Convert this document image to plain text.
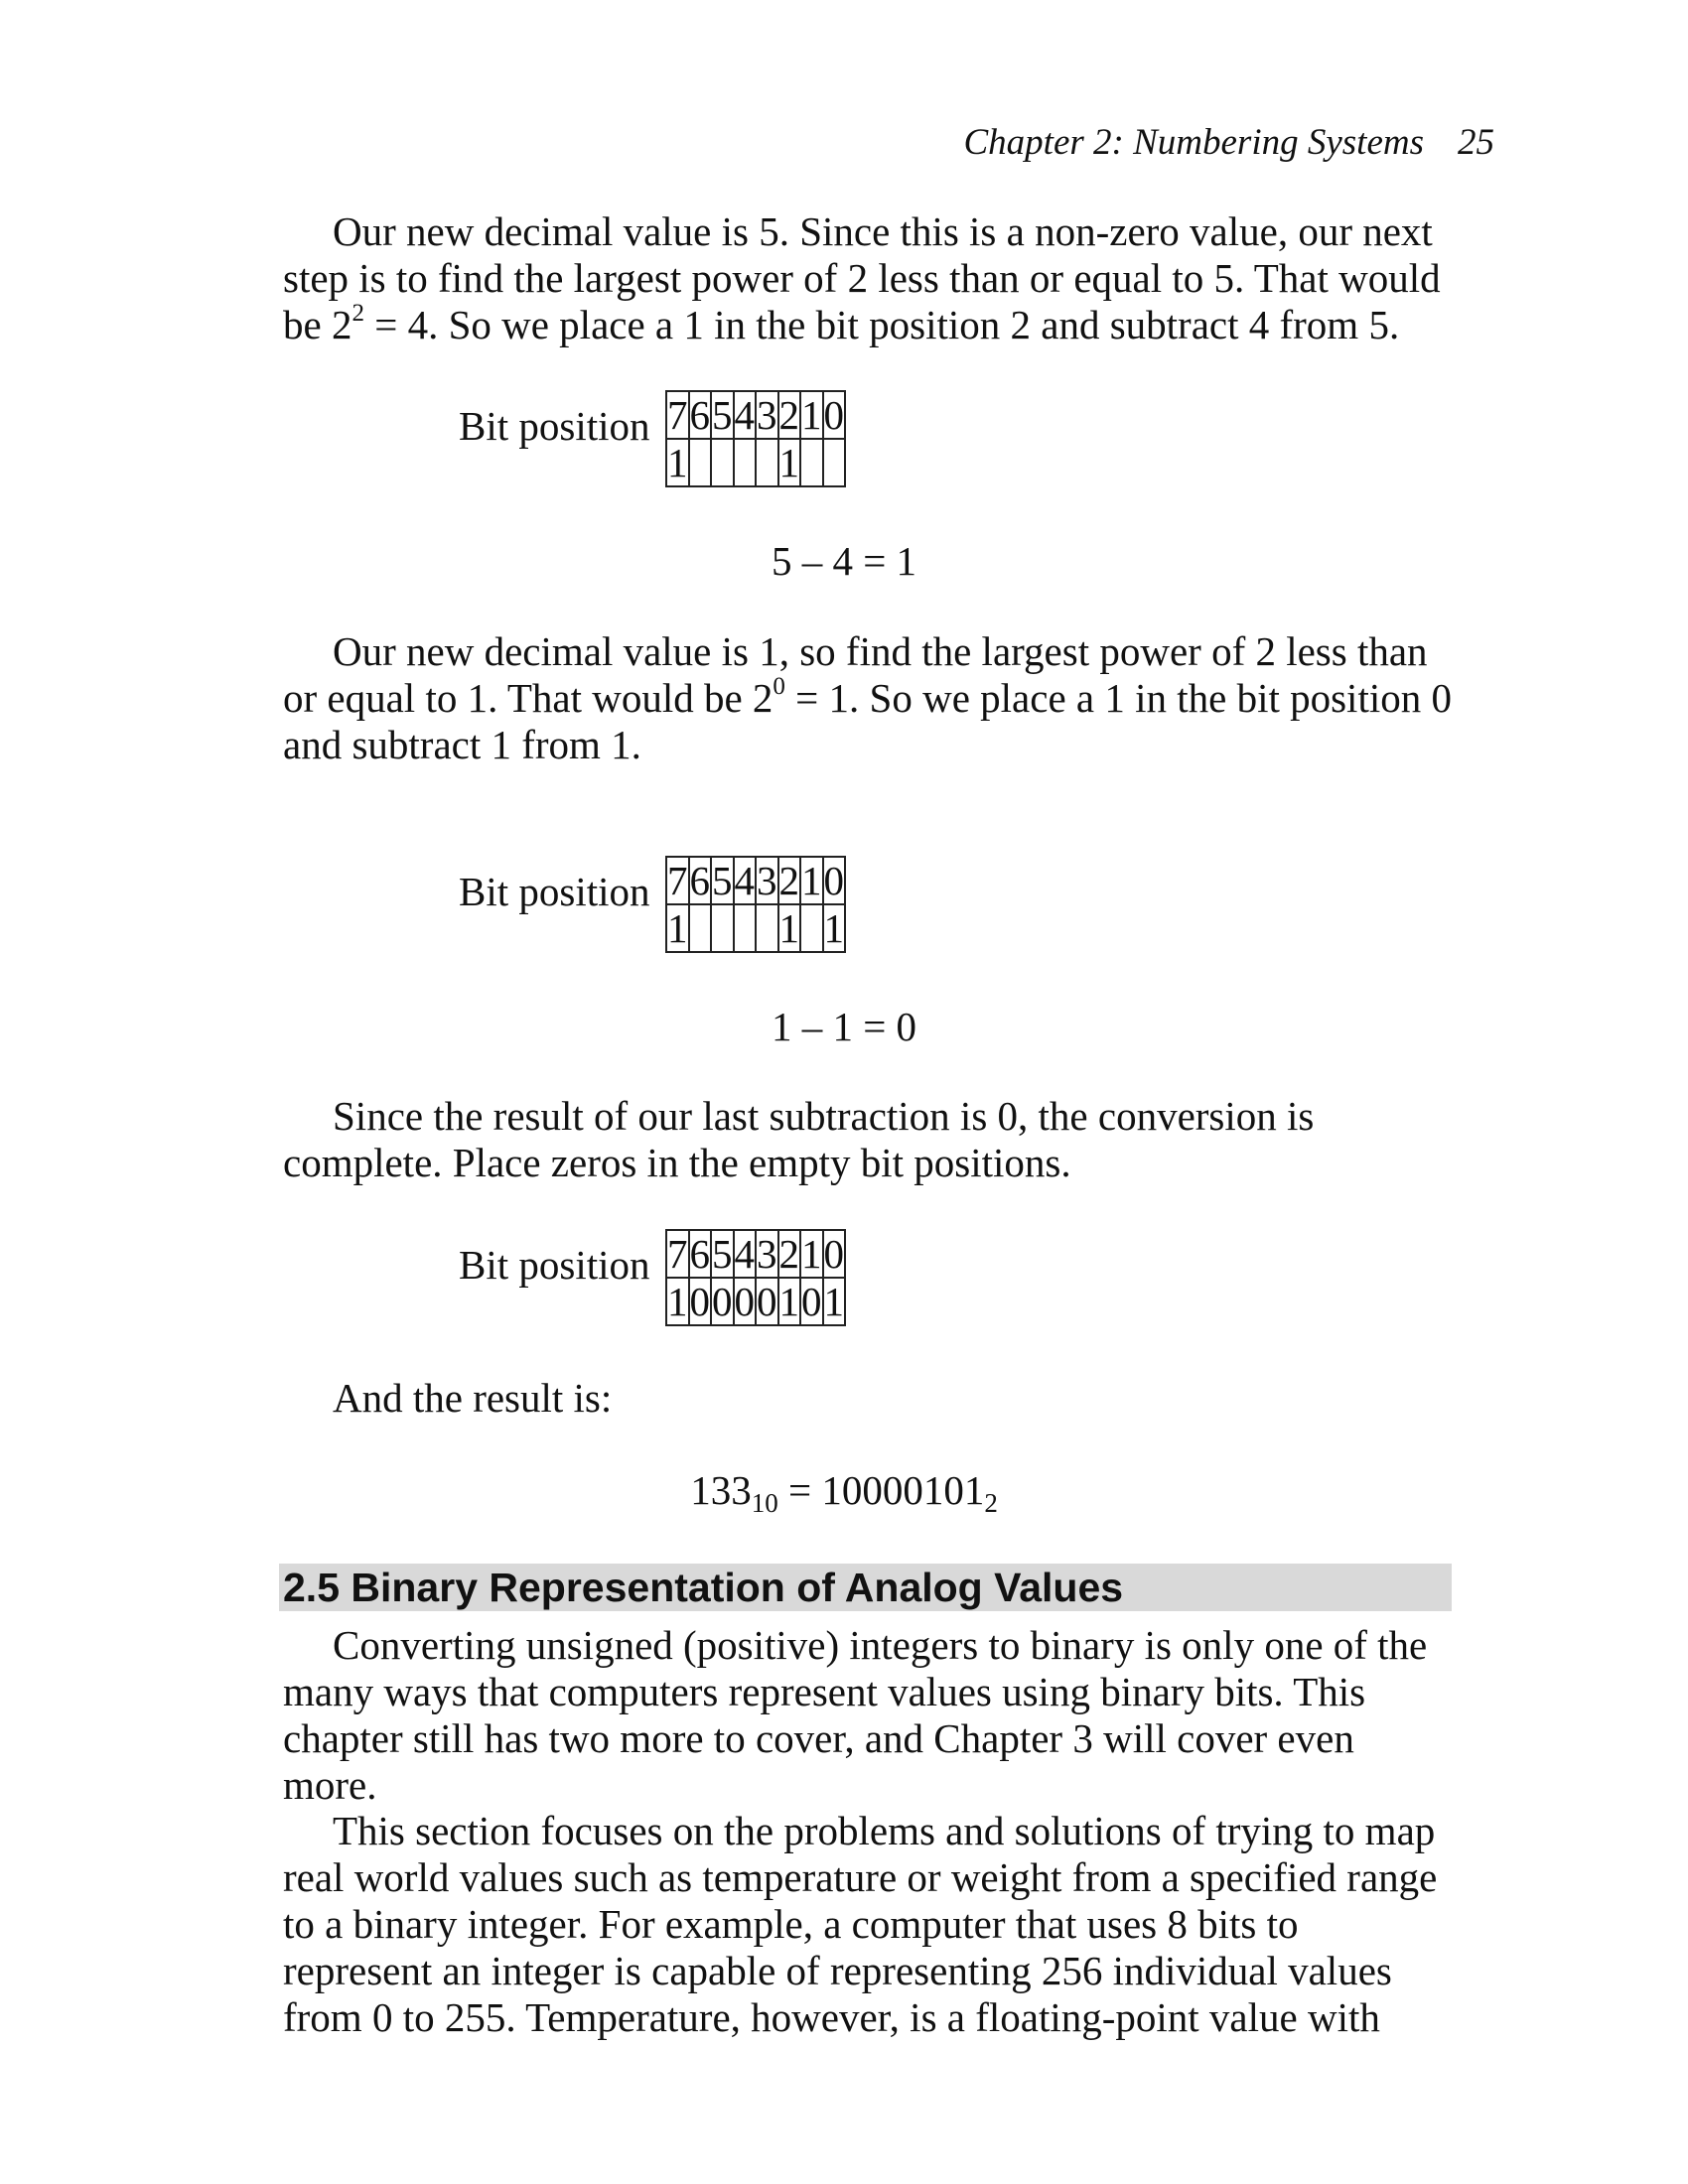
Chapter 2: Numbering Systems 25
Our new decimal value is 5. Since this is a non-zero value, our next step is to find the largest power of 2 less than or equal to 5. That would be $2^2 = 4$. So we place a 1 in the bit position 2 and subtract 4 from 5.
Bit position 7	6	5	4	3	2	1	0
1					1		
5 – 4 = 1
Our new decimal value is 1, so find the largest power of 2 less than or equal to 1. That would be $2^0 = 1$. So we place a 1 in the bit position 0 and subtract 1 from 1.
Bit position 7	6	5	4	3	2	1	0
1					1		1
1 – 1 = 0
Since the result of our last subtraction is 0, the conversion is complete. Place zeros in the empty bit positions.
Bit position 7	6	5	4	3	2	1	0
1	0	0	0	0	1	0	1
And the result is:
$133_{10} = 10000101_2$
2.5 Binary Representation of Analog Values
Converting unsigned (positive) integers to binary is only one of the many ways that computers represent values using binary bits. This chapter still has two more to cover, and Chapter 3 will cover even more.
This section focuses on the problems and solutions of trying to map real world values such as temperature or weight from a specified range to a binary integer. For example, a computer that uses 8 bits to represent an integer is capable of representing 256 individual values from 0 to 255. Temperature, however, is a floating-point value with
